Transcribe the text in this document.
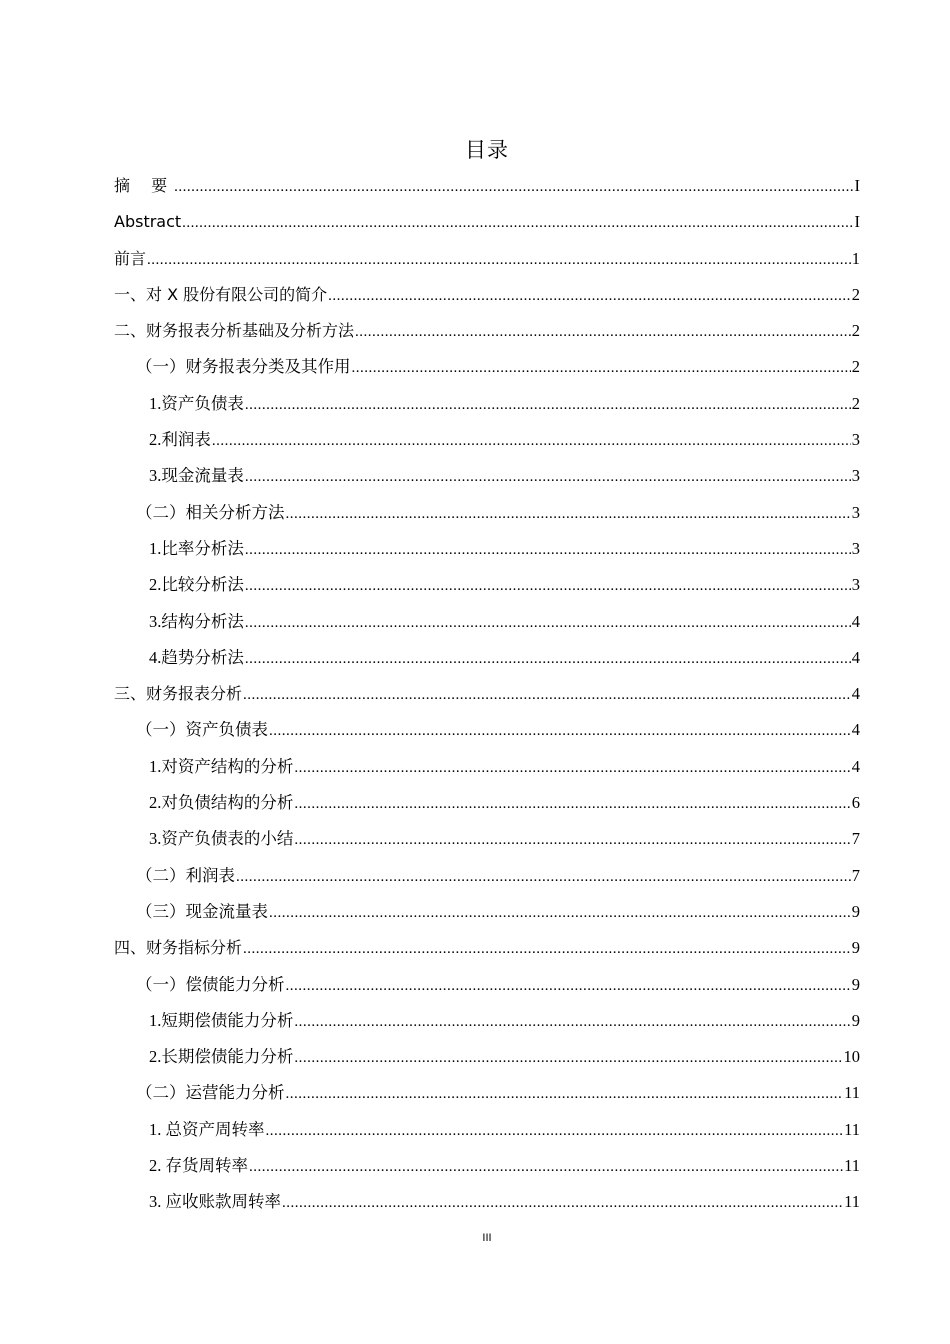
目录
摘 要 .....	I
Abstract .....	I
前言 .....	1
一、对 X 股份有限公司的简介 .....	2
二、财务报表分析基础及分析方法 .....	2
（一）财务报表分类及其作用 .....	2
1.资产负债表 .....	2
2.利润表 .....	3
3.现金流量表 .....	3
（二）相关分析方法 .....	3
1.比率分析法 .....	3
2.比较分析法 .....	3
3.结构分析法 .....	4
4.趋势分析法 .....	4
三、财务报表分析 .....	4
（一）资产负债表 .....	4
1.对资产结构的分析 .....	4
2.对负债结构的分析 .....	6
3.资产负债表的小结 .....	7
（二）利润表 .....	7
（三）现金流量表 .....	9
四、财务指标分析 .....	9
（一）偿债能力分析 .....	9
1.短期偿债能力分析 .....	9
2.长期偿债能力分析 .....	10
（二）运营能力分析 .....	11
1. 总资产周转率 .....	11
2. 存货周转率 .....	11
3. 应收账款周转率 .....	11
III
